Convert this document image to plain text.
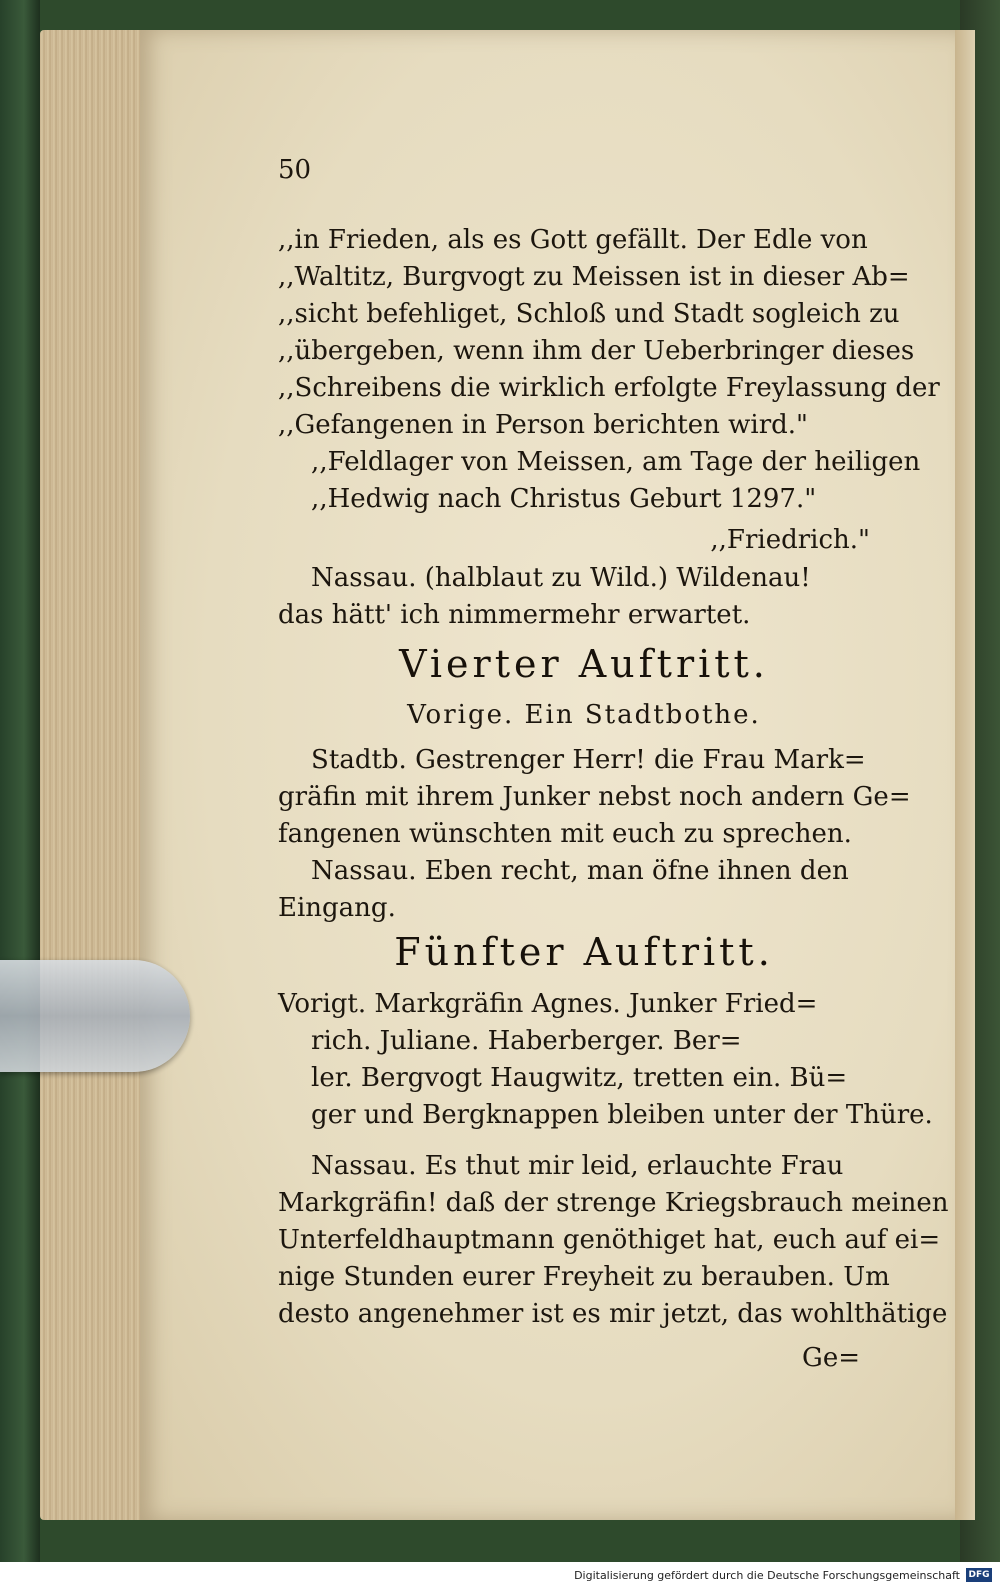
50
,,in Frieden, als es Gott gefällt. Der Edle von
,,Waltitz, Burgvogt zu Meissen ist in dieser Ab=
,,sicht befehliget, Schloß und Stadt sogleich zu
,,übergeben, wenn ihm der Ueberbringer dieses
,,Schreibens die wirklich erfolgte Freylassung der
,,Gefangenen in Person berichten wird."
,,Feldlager von Meissen, am Tage der heiligen
,,Hedwig nach Christus Geburt 1297."
,,Friedrich."
Nassau. (halblaut zu Wild.) Wildenau!
das hätt' ich nimmermehr erwartet.
Vierter Auftritt.
Vorige. Ein Stadtbothe.
Stadtb. Gestrenger Herr! die Frau Mark=
gräfin mit ihrem Junker nebst noch andern Ge=
fangenen wünschten mit euch zu sprechen.
Nassau. Eben recht, man öfne ihnen den
Eingang.
Fünfter Auftritt.
Vorigt. Markgräfin Agnes. Junker Fried=
rich. Juliane. Haberberger. Ber=
ler. Bergvogt Haugwitz, tretten ein. Bü=
ger und Bergknappen bleiben unter der Thüre.
Nassau. Es thut mir leid, erlauchte Frau
Markgräfin! daß der strenge Kriegsbrauch meinen
Unterfeldhauptmann genöthiget hat, euch auf ei=
nige Stunden eurer Freyheit zu berauben. Um
desto angenehmer ist es mir jetzt, das wohlthätige
Ge=
Digitalisierung gefördert durch die Deutsche Forschungsgemeinschaft DFG
